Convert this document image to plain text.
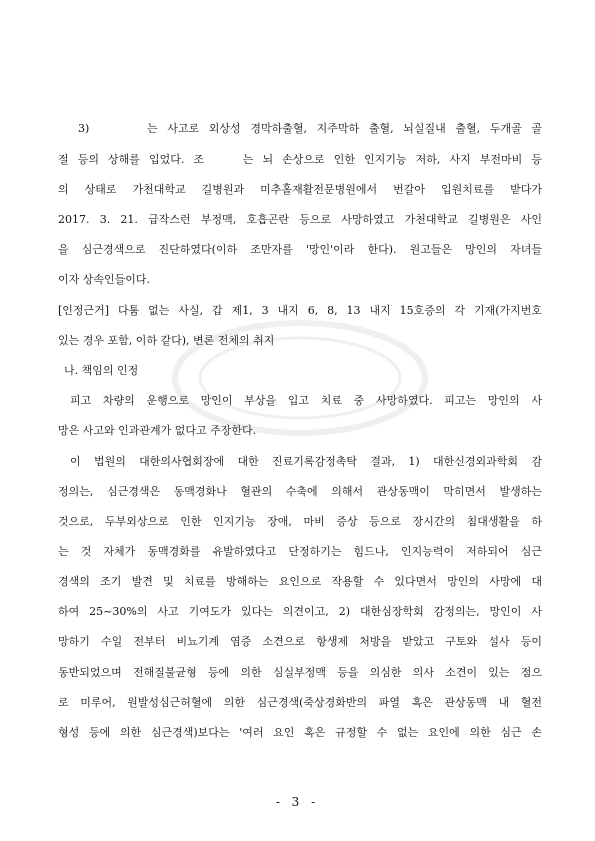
3)　　　는 사고로 외상성 경막하출혈, 지주막하 출혈, 뇌실질내 출혈, 두개골 골
절 등의 상해를 입었다. 조　　는 뇌 손상으로 인한 인지기능 저하, 사지 부전마비 등
의 상태로 가천대학교 길병원과 미추홀재활전문병원에서 번갈아 입원치료를 받다가
2017. 3. 21. 급작스런 부정맥, 호흡곤란 등으로 사망하였고 가천대학교 길병원은 사인
을 심근경색으로 진단하였다(이하 조만자를 '망인'이라 한다). 원고들은 망인의 자녀들
이자 상속인들이다.
[인정근거] 다툼 없는 사실, 갑 제1, 3 내지 6, 8, 13 내지 15호증의 각 기재(가지번호
있는 경우 포함, 이하 같다), 변론 전체의 취지
나. 책임의 인정
피고 차량의 운행으로 망인이 부상을 입고 치료 중 사망하였다. 피고는 망인의 사
망은 사고와 인과관계가 없다고 주장한다.
이 법원의 대한의사협회장에 대한 진료기록감정촉탁 결과, 1) 대한신경외과학회 감
정의는, 심근경색은 동맥경화나 혈관의 수축에 의해서 관상동맥이 막히면서 발생하는
것으로, 두부외상으로 인한 인지기능 장애, 마비 증상 등으로 장시간의 침대생활을 하
는 것 자체가 동맥경화를 유발하였다고 단정하기는 힘드나, 인지능력이 저하되어 심근
경색의 조기 발견 및 치료를 방해하는 요인으로 작용할 수 있다면서 망인의 사망에 대
하여 25~30%의 사고 기여도가 있다는 의견이고, 2) 대한심장학회 감정의는, 망인이 사
망하기 수일 전부터 비뇨기계 염증 소견으로 항생제 처방을 받았고 구토와 설사 등이
동반되었으며 전해질불균형 등에 의한 심실부정맥 등을 의심한 의사 소견이 있는 점으
로 미루어, 원발성심근허혈에 의한 심근경색(죽상경화반의 파열 혹은 관상동맥 내 혈전
형성 등에 의한 심근경색)보다는 '여러 요인 혹은 규정할 수 없는 요인에 의한 심근 손
- 3 -
